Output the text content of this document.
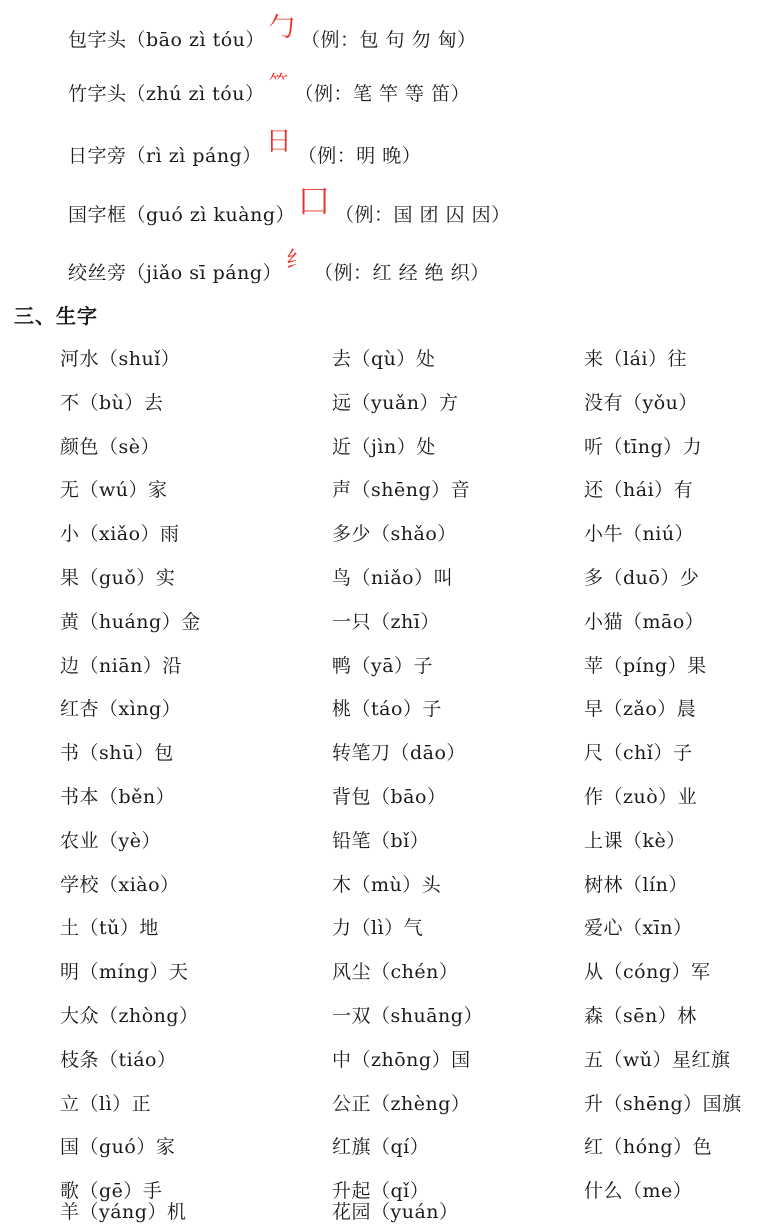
包字头（bāo zì tóu） 勹 （例：包 句 勿 匈）
竹字头（zhú zì tóu） ⺮ （例：笔 竿 等 笛）
日字旁（rì zì páng） 日 （例：明 晚）
国字框（guó zì kuàng） 囗 （例：国 团 囚 因）
绞丝旁（jiǎo sī páng） 纟 （例：红 经 绝 织）
三、生字
河水（shuǐ）	去（qù）处	来（lái）往
不（bù）去	远（yuǎn）方	没有（yǒu）
颜色（sè）	近（jìn）处	听（tīng）力
无（wú）家	声（shēng）音	还（hái）有
小（xiǎo）雨	多少（shǎo）	小牛（niú）
果（guǒ）实	鸟（niǎo）叫	多（duō）少
黄（huáng）金	一只（zhī）	小猫（māo）
边（niān）沿	鸭（yā）子	苹（píng）果
红杏（xìng）	桃（táo）子	早（zǎo）晨
书（shū）包	转笔刀（dāo）	尺（chǐ）子
书本（běn）	背包（bāo）	作（zuò）业
农业（yè）	铅笔（bǐ）	上课（kè）
学校（xiào）	木（mù）头	树林（lín）
土（tǔ）地	力（lì）气	爱心（xīn）
明（míng）天	风尘（chén）	从（cóng）军
大众（zhòng）	一双（shuāng）	森（sēn）林
枝条（tiáo）	中（zhōng）国	五（wǔ）星红旗
立（lì）正	公正（zhèng）	升（shēng）国旗
国（guó）家	红旗（qí）	红（hóng）色
歌（gē）手	升起（qǐ）	什么（me）
羊（yáng）机	花园（yuán）
